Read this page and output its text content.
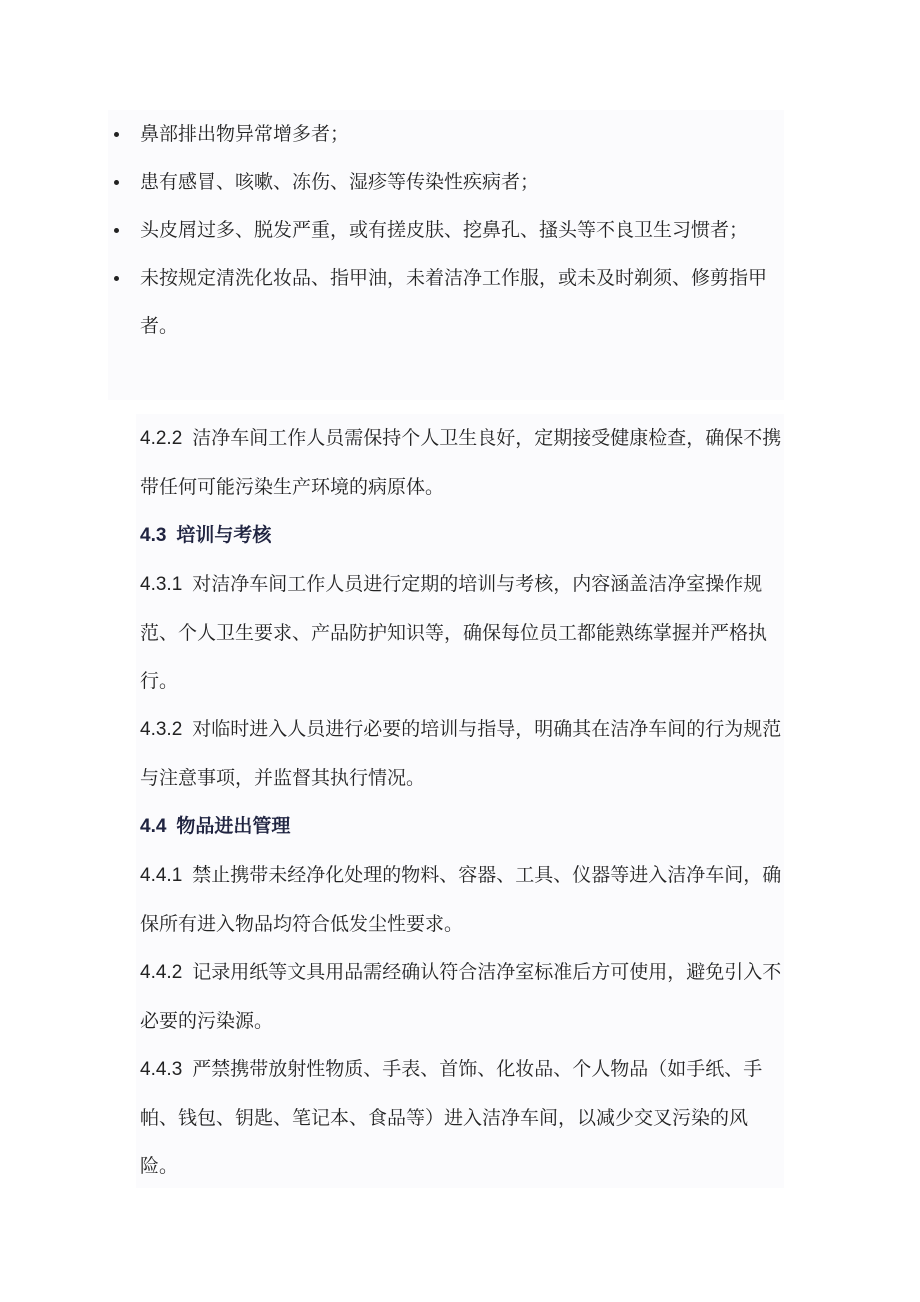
鼻部排出物异常增多者；
患有感冒、咳嗽、冻伤、湿疹等传染性疾病者；
头皮屑过多、脱发严重，或有搓皮肤、挖鼻孔、搔头等不良卫生习惯者；
未按规定清洗化妆品、指甲油，未着洁净工作服，或未及时剃须、修剪指甲者。

4.2.2 洁净车间工作人员需保持个人卫生良好，定期接受健康检查，确保不携带任何可能污染生产环境的病原体。

4.3 培训与考核

4.3.1 对洁净车间工作人员进行定期的培训与考核，内容涵盖洁净室操作规范、个人卫生要求、产品防护知识等，确保每位员工都能熟练掌握并严格执行。

4.3.2 对临时进入人员进行必要的培训与指导，明确其在洁净车间的行为规范与注意事项，并监督其执行情况。

4.4 物品进出管理

4.4.1 禁止携带未经净化处理的物料、容器、工具、仪器等进入洁净车间，确保所有进入物品均符合低发尘性要求。

4.4.2 记录用纸等文具用品需经确认符合洁净室标准后方可使用，避免引入不必要的污染源。

4.4.3 严禁携带放射性物质、手表、首饰、化妆品、个人物品（如手纸、手帕、钱包、钥匙、笔记本、食品等）进入洁净车间，以减少交叉污染的风险。
